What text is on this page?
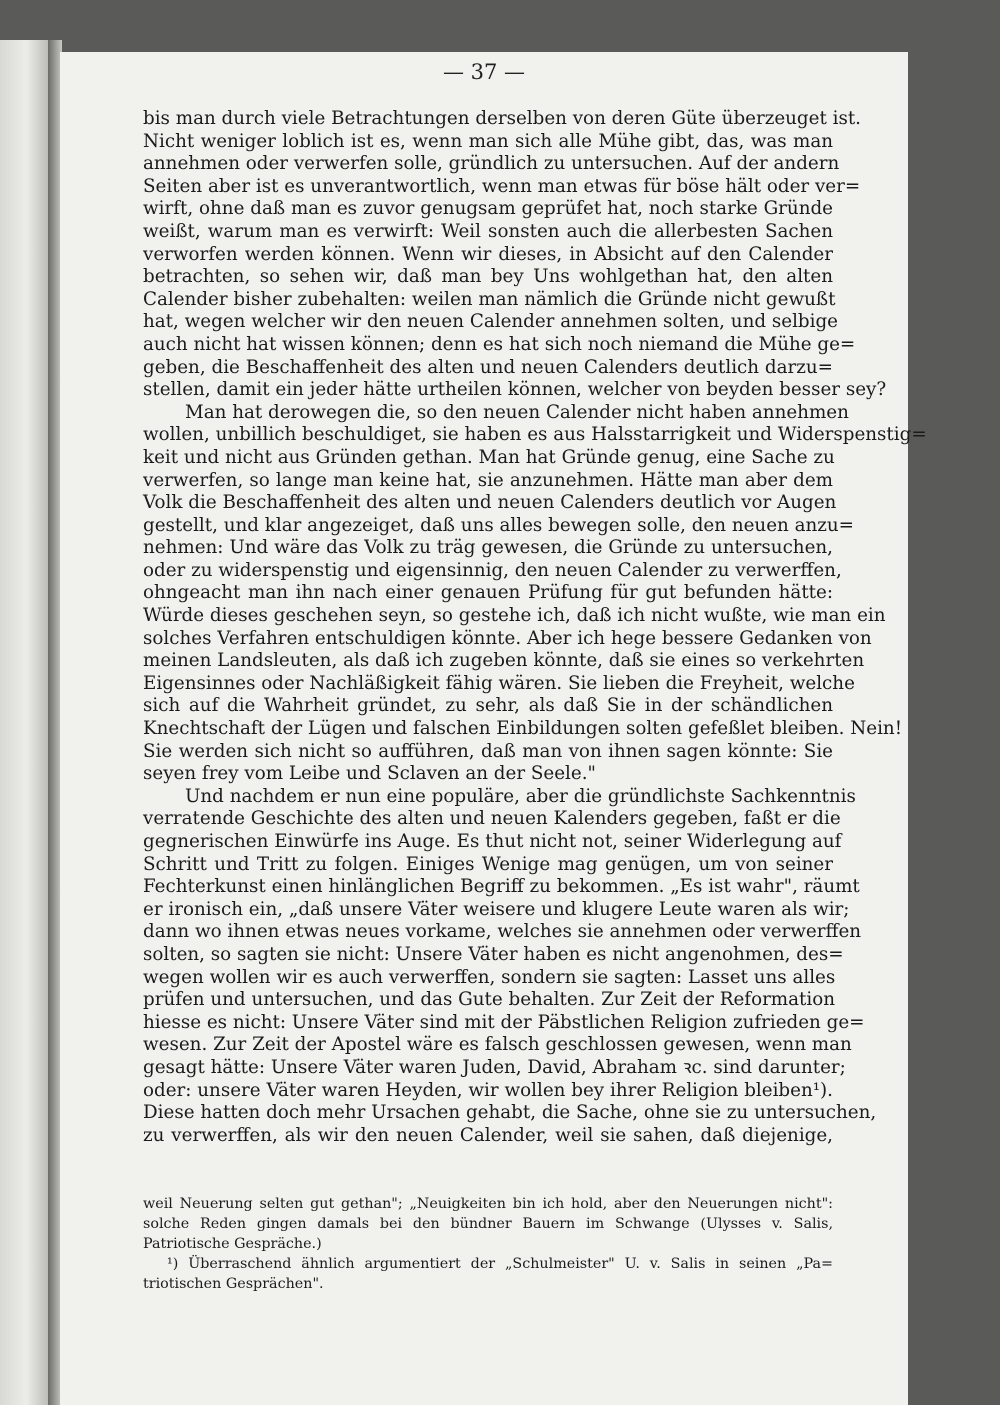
— 37 —
bis man durch viele Betrachtungen derselben von deren Güte überzeuget ist.
Nicht weniger loblich ist es, wenn man sich alle Mühe gibt, das, was man
annehmen oder verwerfen solle, gründlich zu untersuchen. Auf der andern
Seiten aber ist es unverantwortlich, wenn man etwas für böse hält oder ver=
wirft, ohne daß man es zuvor genugsam geprüfet hat, noch starke Gründe
weißt, warum man es verwirft: Weil sonsten auch die allerbesten Sachen
verworfen werden können. Wenn wir dieses, in Absicht auf den Calender
betrachten, so sehen wir, daß man bey Uns wohlgethan hat, den alten
Calender bisher zubehalten: weilen man nämlich die Gründe nicht gewußt
hat, wegen welcher wir den neuen Calender annehmen solten, und selbige
auch nicht hat wissen können; denn es hat sich noch niemand die Mühe ge=
geben, die Beschaffenheit des alten und neuen Calenders deutlich darzu=
stellen, damit ein jeder hätte urtheilen können, welcher von beyden besser sey?
Man hat derowegen die, so den neuen Calender nicht haben annehmen
wollen, unbillich beschuldiget, sie haben es aus Halsstarrigkeit und Widerspenstig=
keit und nicht aus Gründen gethan. Man hat Gründe genug, eine Sache zu
verwerfen, so lange man keine hat, sie anzunehmen. Hätte man aber dem
Volk die Beschaffenheit des alten und neuen Calenders deutlich vor Augen
gestellt, und klar angezeiget, daß uns alles bewegen solle, den neuen anzu=
nehmen: Und wäre das Volk zu träg gewesen, die Gründe zu untersuchen,
oder zu widerspenstig und eigensinnig, den neuen Calender zu verwerffen,
ohngeacht man ihn nach einer genauen Prüfung für gut befunden hätte:
Würde dieses geschehen seyn, so gestehe ich, daß ich nicht wußte, wie man ein
solches Verfahren entschuldigen könnte. Aber ich hege bessere Gedanken von
meinen Landsleuten, als daß ich zugeben könnte, daß sie eines so verkehrten
Eigensinnes oder Nachläßigkeit fähig wären. Sie lieben die Freyheit, welche
sich auf die Wahrheit gründet, zu sehr, als daß Sie in der schändlichen
Knechtschaft der Lügen und falschen Einbildungen solten gefeßlet bleiben. Nein!
Sie werden sich nicht so aufführen, daß man von ihnen sagen könnte: Sie
seyen frey vom Leibe und Sclaven an der Seele."
Und nachdem er nun eine populäre, aber die gründlichste Sachkenntnis
verratende Geschichte des alten und neuen Kalenders gegeben, faßt er die
gegnerischen Einwürfe ins Auge. Es thut nicht not, seiner Widerlegung auf
Schritt und Tritt zu folgen. Einiges Wenige mag genügen, um von seiner
Fechterkunst einen hinlänglichen Begriff zu bekommen. „Es ist wahr", räumt
er ironisch ein, „daß unsere Väter weisere und klugere Leute waren als wir;
dann wo ihnen etwas neues vorkame, welches sie annehmen oder verwerffen
solten, so sagten sie nicht: Unsere Väter haben es nicht angenohmen, des=
wegen wollen wir es auch verwerffen, sondern sie sagten: Lasset uns alles
prüfen und untersuchen, und das Gute behalten. Zur Zeit der Reformation
hiesse es nicht: Unsere Väter sind mit der Päbstlichen Religion zufrieden ge=
wesen. Zur Zeit der Apostel wäre es falsch geschlossen gewesen, wenn man
gesagt hätte: Unsere Väter waren Juden, David, Abraham ꝛc. sind darunter;
oder: unsere Väter waren Heyden, wir wollen bey ihrer Religion bleiben¹).
Diese hatten doch mehr Ursachen gehabt, die Sache, ohne sie zu untersuchen,
zu verwerffen, als wir den neuen Calender, weil sie sahen, daß diejenige,
weil Neuerung selten gut gethan"; „Neuigkeiten bin ich hold, aber den Neuerungen nicht":
solche Reden gingen damals bei den bündner Bauern im Schwange (Ulysses v. Salis,
Patriotische Gespräche.)
¹) Überraschend ähnlich argumentiert der „Schulmeister" U. v. Salis in seinen „Pa=
triotischen Gesprächen".
